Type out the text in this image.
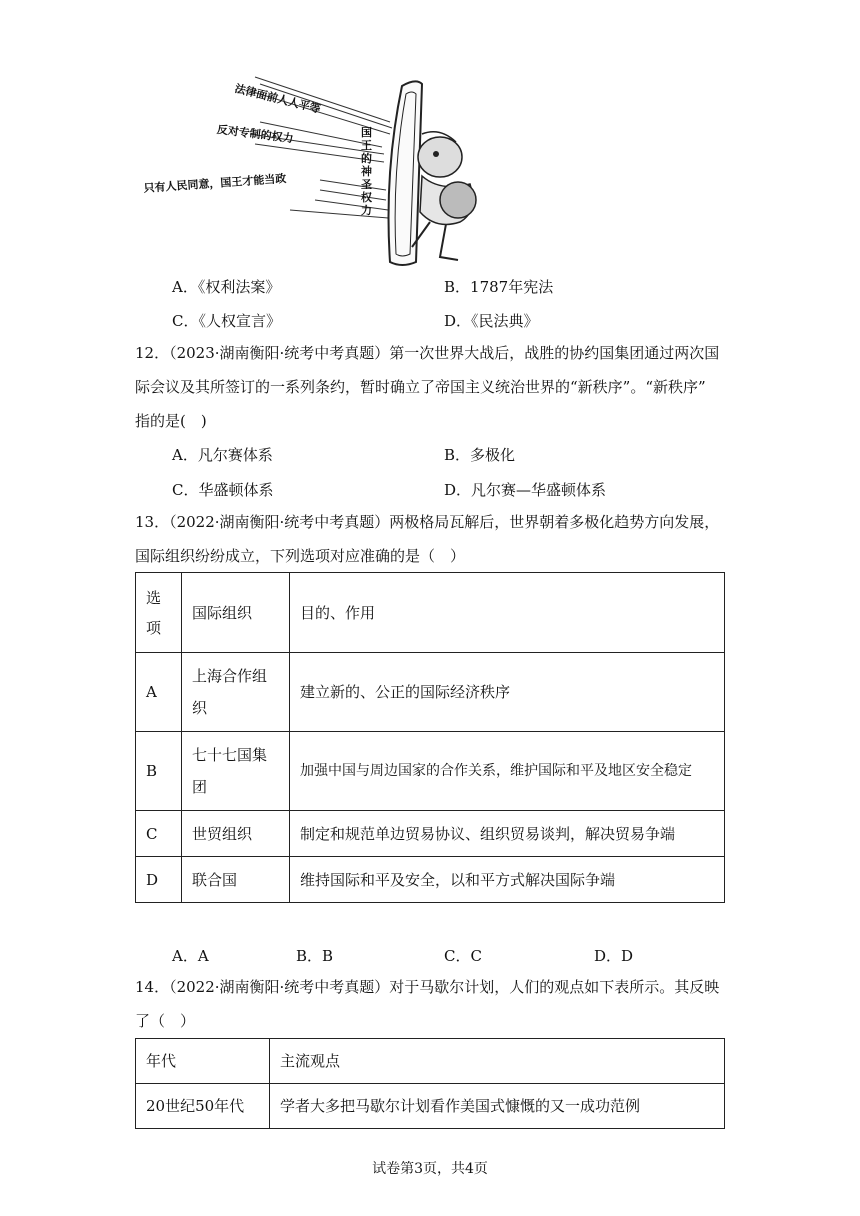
法律面前人人平等
反对专制的权力
只有人民同意，国王才能当政
国王的神圣权力
A．《权利法案》	B．1787年宪法
C．《人权宣言》	D．《民法典》
12．（2023·湖南衡阳·统考中考真题）第一次世界大战后，战胜的协约国集团通过两次国
际会议及其所签订的一系列条约，暂时确立了帝国主义统治世界的“新秩序”。“新秩序”
指的是(　)
A．凡尔赛体系	B．多极化
C．华盛顿体系	D．凡尔赛—华盛顿体系
13．（2022·湖南衡阳·统考中考真题）两极格局瓦解后，世界朝着多极化趋势方向发展，
国际组织纷纷成立，下列选项对应准确的是（　）
选项	国际组织	目的、作用
A	上海合作组织	建立新的、公正的国际经济秩序
B	七十七国集团	加强中国与周边国家的合作关系，维护国际和平及地区安全稳定
C	世贸组织	制定和规范单边贸易协议、组织贸易谈判，解决贸易争端
D	联合国	维持国际和平及安全，以和平方式解决国际争端
A．A	B．B	C．C	D．D
14．（2022·湖南衡阳·统考中考真题）对于马歇尔计划，人们的观点如下表所示。其反映
了（　）
年代	主流观点
20世纪50年代	学者大多把马歇尔计划看作美国式慷慨的又一成功范例
试卷第3页，共4页
